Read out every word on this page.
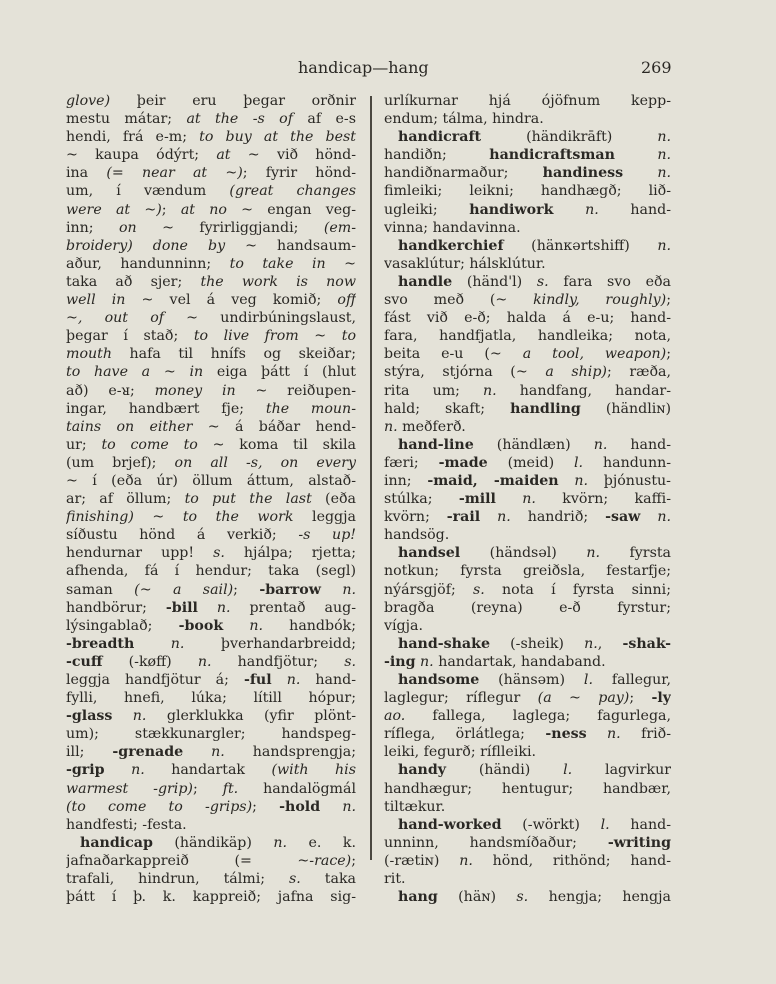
handicap—hang	269
glove) þeir eru þegar orðnir
mestu mátar; at the -s of af e-s
hendi, frá e-m; to buy at the best
~ kaupa ódýrt; at ~ við hönd-
ina (= near at ~); fyrir hönd-
um, í vændum (great changes
were at ~); at no ~ engan veg-
inn; on ~ fyrirliggjandi; (em-
broidery) done by ~ handsaum-
aður, handunninn; to take in ~
taka að sjer; the work is now
well in ~ vel á veg komið; off
~, out of ~ undirbúningslaust,
þegar í stað; to live from ~ to
mouth hafa til hnífs og skeiðar;
to have a ~ in eiga þátt í (hlut
að) e-ᴚ; money in ~ reiðupen-
ingar, handbært fje; the moun-
tains on either ~ á báðar hend-
ur; to come to ~ koma til skila
(um brjef); on all -s, on every
~ í (eða úr) öllum áttum, alstað-
ar; af öllum; to put the last (eða
finishing) ~ to the work leggja
síðustu hönd á verkið; -s up!
hendurnar upp! s. hjálpa; rjetta;
afhenda, fá í hendur; taka (segl)
saman (~ a sail); -barrow n.
handbörur; -bill n. prentað aug-
lýsingablað; -book n. handbók;
-breadth	n. þverhandarbreidd;
-cuff (-køff) n. handfjötur; s.
leggja handfjötur á; -ful n. hand-
fylli, hnefi, lúka; lítill hópur;
-glass n. glerklukka (yfir plönt-
um); stækkunargler; handspeg-
ill; -grenade n. handsprengja;
-grip n. handartak (with his
warmest -grip); ft. handalögmál
(to come to -grips); -hold n.
handfesti; -festa.
handicap (händikäp) n. e. k.
jafnaðarkappreið (= ~-race);
trafali, hindrun, tálmi; s. taka
þátt í þ. k. kappreið; jafna sig-
urlíkurnar hjá ójöfnum kepp-
endum; tálma, hindra.
handicraft (händikrāft) n.
handiðn; handicraftsman	n.
handiðnarmaður; handiness n.
fimleiki; leikni; handhægð; lið-
ugleiki; handiwork n. hand-
vinna; handavinna.
handkerchief (hänᴋərtshiff) n.
vasaklútur; hálsklútur.
handle (händ'l) s. fara svo eða
svo með (~ kindly, roughly);
fást við e-ð; halda á e-u; hand-
fara, handfjatla, handleika; nota,
beita e-u (~ a tool, weapon);
stýra, stjórna (~ a ship); ræða,
rita um; n. handfang, handar-
hald; skaft; handling (händliɴ)
n. meðferð.
hand-line (händlæn) n. hand-
færi; -made (meid) l. handunn-
inn; -maid, -maiden n. þjónustu-
stúlka; -mill n. kvörn; kaffi-
kvörn; -rail n. handrið; -saw n.
handsög.
handsel (händsəl) n. fyrsta
notkun; fyrsta greiðsla, festarfje;
nýársgjöf; s. nota í fyrsta sinni;
bragða (reyna) e-ð fyrstur;
vígja.
hand-shake (-sheik) n., -shak-
-ing n. handartak, handaband.
handsome (hänsəm) l. fallegur,
laglegur; ríflegur (a ~ pay); -ly
ao. fallega, laglega; fagurlega,
ríflega, örlátlega; -ness n. frið-
leiki, fegurð; ríflleiki.
handy (händi) l. lagvirkur
handhægur; hentugur; handbær,
tiltækur.
hand-worked (-wörkt) l. hand-
unninn, handsmíðaður; -writing
(-rætiɴ) n. hönd, rithönd; hand-
rit.
hang (häɴ) s. hengja; hengja
